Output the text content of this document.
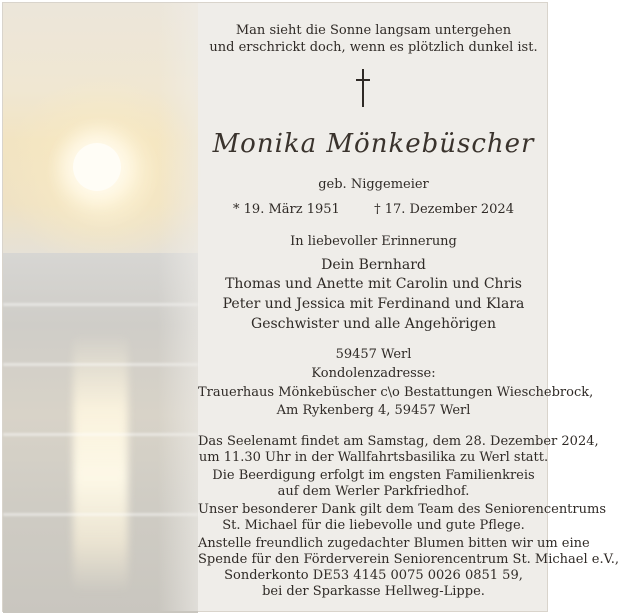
Man sieht die Sonne langsam untergehen
und erschrickt doch, wenn es plötzlich dunkel ist.
Monika Mönkebüscher
geb. Niggemeier
* 19. März 1951	† 17. Dezember 2024
In liebevoller Erinnerung
Dein Bernhard
Thomas und Anette mit Carolin und Chris
Peter und Jessica mit Ferdinand und Klara
Geschwister und alle Angehörigen
59457 Werl
Kondolenzadresse:
Trauerhaus Mönkebüscher c\o Bestattungen Wieschebrock,
Am Rykenberg 4, 59457 Werl
Das Seelenamt findet am Samstag, dem 28. Dezember 2024,
um 11.30 Uhr in der Wallfahrtsbasilika zu Werl statt.
Die Beerdigung erfolgt im engsten Familienkreis
auf dem Werler Parkfriedhof.
Unser besonderer Dank gilt dem Team des Seniorencentrums
St. Michael für die liebevolle und gute Pflege.
Anstelle freundlich zugedachter Blumen bitten wir um eine
Spende für den Förderverein Seniorencentrum St. Michael e.V.,
Sonderkonto DE53 4145 0075 0026 0851 59,
bei der Sparkasse Hellweg-Lippe.
